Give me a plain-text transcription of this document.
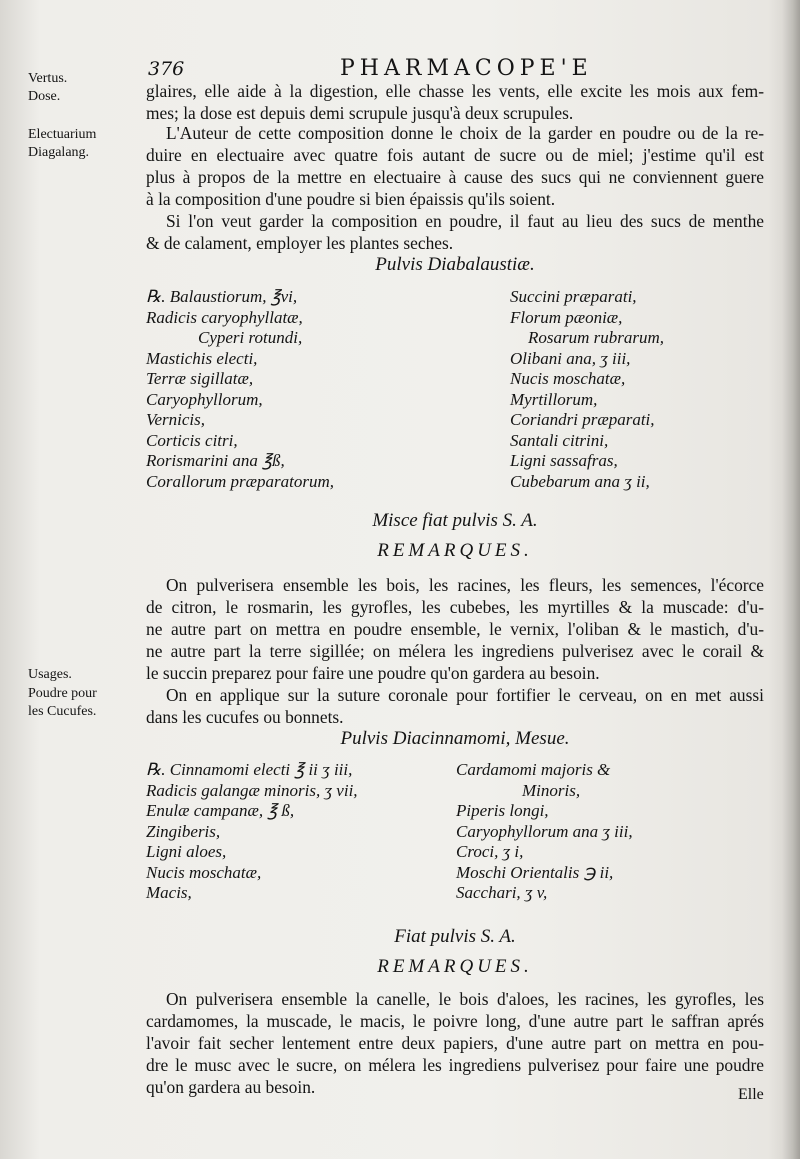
376	PHARMACOPE'E
Vertus.
Dose.
Electuarium
Diagalang.
Usages.
Poudre pour
les Cucufes.

glaires, elle aide à la digestion, elle chasse les vents, elle excite les mois aux fem-

mes; la dose est depuis demi scrupule jusqu'à deux scrupules.

L'Auteur de cette composition donne le choix de la garder en poudre ou de la re-

duire en electuaire avec quatre fois autant de sucre ou de miel; j'estime qu'il est

plus à propos de la mettre en electuaire à cause des sucs qui ne conviennent guere

à la composition d'une poudre si bien épaissis qu'ils soient.

Si l'on veut garder la composition en poudre, il faut au lieu des sucs de menthe

& de calament, employer les plantes seches.

Pulvis Diabalaustiæ.
℞. Balaustiorum, ℥vi,
Radicis caryophyllatæ,
Cyperi rotundi,
Mastichis electi,
Terræ sigillatæ,
Caryophyllorum,
Vernicis,
Corticis citri,
Rorismarini ana ℥ß,
Corallorum præparatorum,
Succini præparati,
Florum pæoniæ,
Rosarum rubrarum,
Olibani ana, ʒ iii,
Nucis moschatæ,
Myrtillorum,
Coriandri præparati,
Santali citrini,
Ligni sassafras,
Cubebarum ana ʒ ii,
Misce fiat pulvis S. A.
REMARQUES.

On pulverisera ensemble les bois, les racines, les fleurs, les semences, l'écorce

de citron, le rosmarin, les gyrofles, les cubebes, les myrtilles & la muscade: d'u-

ne autre part on mettra en poudre ensemble, le vernix, l'oliban & le mastich, d'u-

ne autre part la terre sigillée; on mélera les ingrediens pulverisez avec le corail &

le succin preparez pour faire une poudre qu'on gardera au besoin.

On en applique sur la suture coronale pour fortifier le cerveau, on en met aussi

dans les cucufes ou bonnets.

Pulvis Diacinnamomi, Mesue.
℞. Cinnamomi electi ℥ ii ʒ iii,
Radicis galangæ minoris, ʒ vii,
Enulæ campanæ, ℥ ß,
Zingiberis,
Ligni aloes,
Nucis moschatæ,
Macis,
Cardamomi majoris &
Minoris,
Piperis longi,
Caryophyllorum ana ʒ iii,
Croci, ʒ i,
Moschi Orientalis ℈ ii,
Sacchari, ʒ v,
Fiat pulvis S. A.
REMARQUES.

On pulverisera ensemble la canelle, le bois d'aloes, les racines, les gyrofles, les

cardamomes, la muscade, le macis, le poivre long, d'une autre part le saffran aprés

l'avoir fait secher lentement entre deux papiers, d'une autre part on mettra en pou-

dre le musc avec le sucre, on mélera les ingrediens pulverisez pour faire une poudre

qu'on gardera au besoin.	Elle
